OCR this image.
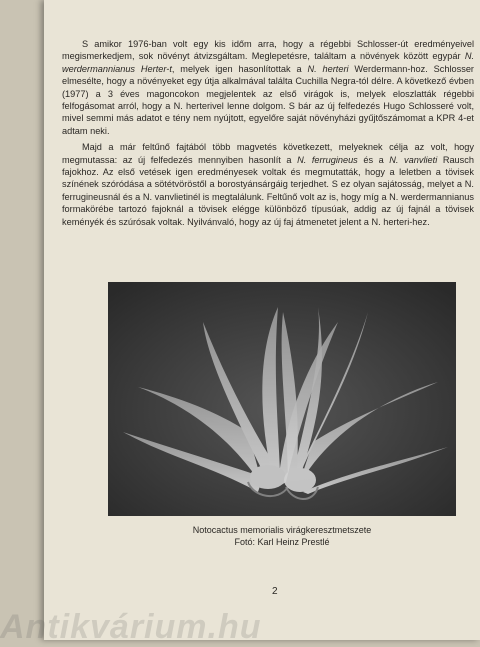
S amikor 1976-ban volt egy kis időm arra, hogy a régebbi Schlosser-út eredményeivel megismerkedjem, sok növényt átvizsgáltam. Meglepetésre, találtam a növények között egypár N. werdermannianus Herter-t, melyek igen hasonlítottak a N. herteri Werdermann-hoz. Schlosser elmesélte, hogy a növényeket egy útja alkalmával találta Cuchilla Negra-tól délre. A következő évben (1977) a 3 éves magoncokon megjelentek az első virágok is, melyek eloszlatták régebbi felfogásomat arról, hogy a N. herterivel lenne dolgom. S bár az új felfedezés Hugo Schlosseré volt, mivel semmi más adatot e tény nem nyújtott, egyelőre saját növényházi gyűjtőszámomat a KPR 4-et adtam neki.

Majd a már feltűnő fajtából több magvetés következett, melyeknek célja az volt, hogy megmutassa: az új felfedezés mennyiben hasonlít a N. ferrugineus és a N. vanvlieti Rausch fajokhoz. Az első vetések igen eredményesek voltak és megmutatták, hogy a leletben a tövisek színének szóródása a sötétvöröstől a borostyánsárgáig terjedhet. S ez olyan sajátosság, melyet a N. ferrugineusnál és a N. vanvlietinél is megtalálunk. Feltűnő volt az is, hogy míg a N. werdermannianus formakörébe tartozó fajoknál a tövisek elégge különböző típusúak, addig az új fajnál a tövisek keményék és szúrósak voltak. Nyilvánvaló, hogy az új faj átmenetet jelent a N. herteri-hez.

Notocactus memorialis virágkeresztmetszete
Fotó: Karl Heinz Prestlé
2
Antikvárium.hu
